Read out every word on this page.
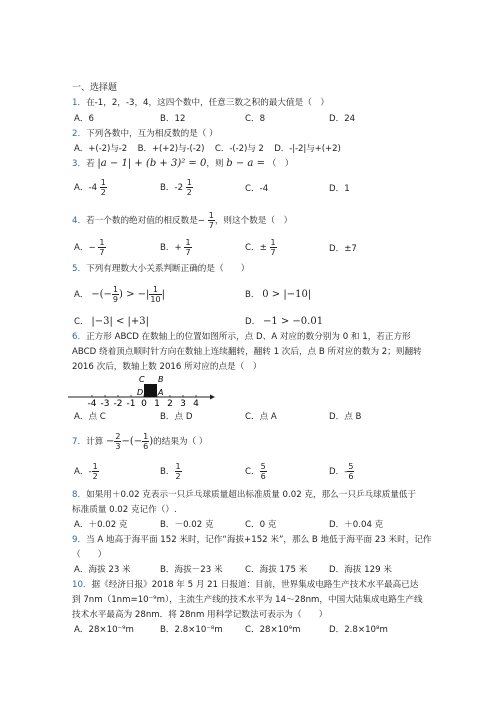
一、选择题
1．在-1，2，-3，4，这四个数中，任意三数之积的最大值是（　）
A．6	B．12	C．8	D．24
2．下列各数中，互为相反数的是（ ）
A．+(-2)与-2 B．+(+2)与-(-2) C．-(-2)与 2 D．-|-2|与+(+2)
3．若 |a − 1| + (b + 3)² = 0，则 b − a = （　）
A．$-4 \frac{1}{2}$	B．$-2 \frac{1}{2}$	C．-4	D．1
4．若一个数的绝对值的相反数是− $\frac{1}{7}$ ，则这个数是（　）
A．− $\frac{1}{7}$	B．+ $\frac{1}{7}$	C．± $\frac{1}{7}$	D．±7
5．下列有理数大小关系判断正确的是（　　）
A． −(− $\frac{1}{9}$ ) > −| $\frac{1}{10}$ |	B． 0 > |−10|
C． |−3| < |+3|	D． −1 > −0.01
6．正方形 ABCD 在数轴上的位置如图所示，点 D、A 对应的数分别为 0 和 1，若正方形
ABCD 绕着顶点顺时针方向在数轴上连续翻转，翻转 1 次后，点 B 所对应的数为 2；则翻转
2016 次后，数轴上数 2016 所对应的点是（　）
C B
D A
-4 -3 -2 -1 0 1 2 3 4
A．点 C	B．点 D	C．点 A	D．点 B
7．计算 − $\frac{2}{3}$ −(− $\frac{1}{6}$ )的结果为（ ）
A．- $\frac{1}{2}$	B． $\frac{1}{2}$	C． $\frac{5}{6}$	D．- $\frac{5}{6}$
8．如果用＋0.02 克表示一只乒乓球质量超出标准质量 0.02 克，那么一只乒乓球质量低于
标准质量 0.02 克记作（）.
A．＋0.02 克	B．－0.02 克	C．0 克	D．＋0.04 克
9．当 A 地高于海平面 152 米时，记作“海拔+152 米”，那么 B 地低于海平面 23 米时，记作
（　　）
A．海拔 23 米	B．海拔－23 米	C．海拔 175 米	D．海拔 129 米
10．据《经济日报》2018 年 5 月 21 日报道：目前，世界集成电路生产技术水平最高已达
到 7nm（1nm=10⁻⁹m），主流生产线的技术水平为 14～28nm，中国大陆集成电路生产线
技术水平最高为 28nm．将 28nm 用科学记数法可表示为（　　）
A．28×10⁻⁹m	B．2.8×10⁻⁸m	C．28×10⁹m	D．2.8×10⁸m
